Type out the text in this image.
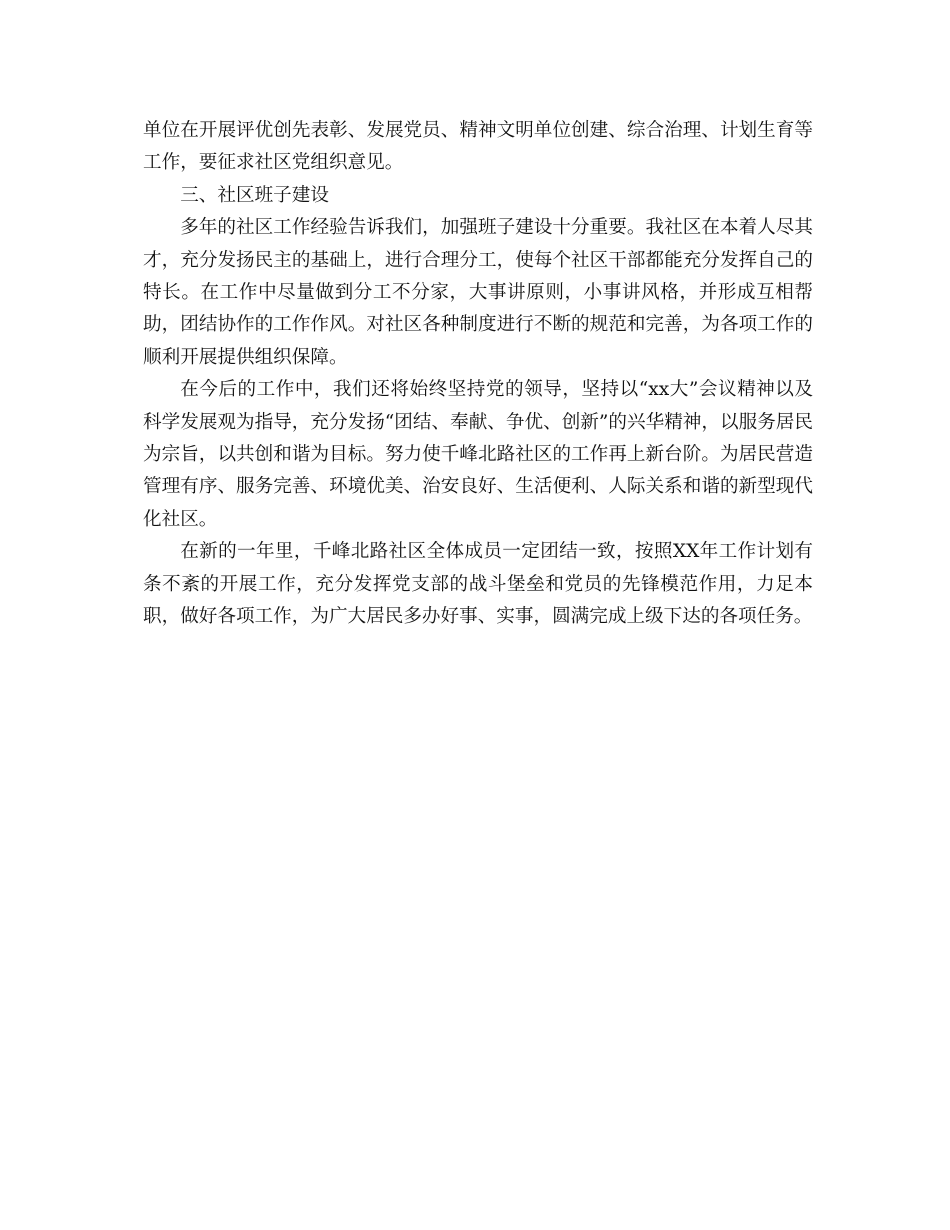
单位在开展评优创先表彰、发展党员、精神文明单位创建、综合治理、计划生育等工作，要征求社区党组织意见。

三、社区班子建设

多年的社区工作经验告诉我们，加强班子建设十分重要。我社区在本着人尽其才，充分发扬民主的基础上，进行合理分工，使每个社区干部都能充分发挥自己的特长。在工作中尽量做到分工不分家，大事讲原则，小事讲风格，并形成互相帮助，团结协作的工作作风。对社区各种制度进行不断的规范和完善，为各项工作的顺利开展提供组织保障。

在今后的工作中，我们还将始终坚持党的领导，坚持以“xx大”会议精神以及科学发展观为指导，充分发扬“团结、奉献、争优、创新”的兴华精神，以服务居民为宗旨，以共创和谐为目标。努力使千峰北路社区的工作再上新台阶。为居民营造管理有序、服务完善、环境优美、治安良好、生活便利、人际关系和谐的新型现代化社区。

在新的一年里，千峰北路社区全体成员一定团结一致，按照XX年工作计划有条不紊的开展工作，充分发挥党支部的战斗堡垒和党员的先锋模范作用，力足本职，做好各项工作，为广大居民多办好事、实事，圆满完成上级下达的各项任务。
